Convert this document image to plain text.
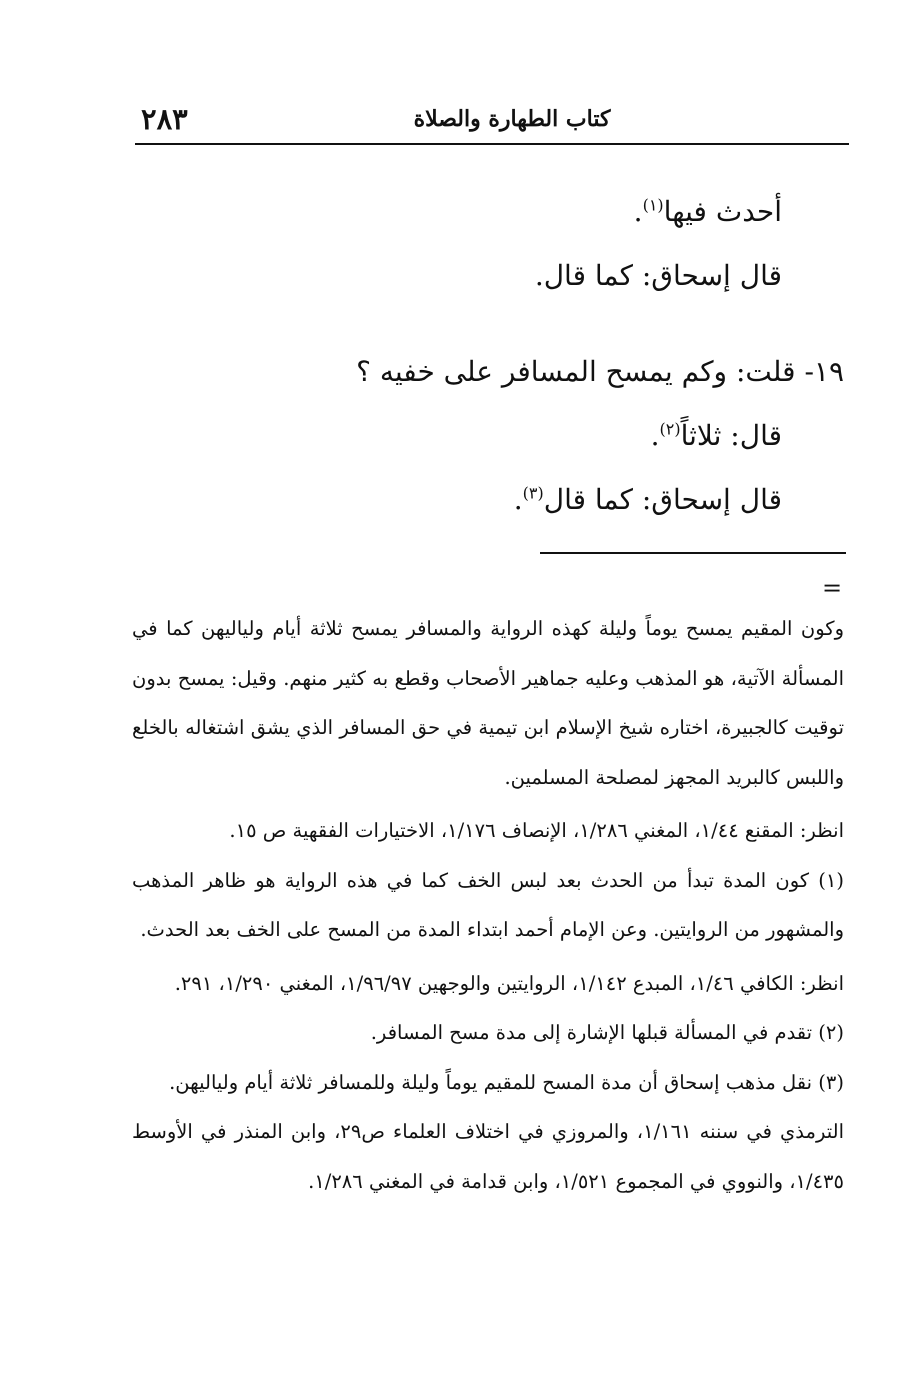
٢٨٣	كتاب الطهارة والصلاة

أحدث فيها$^{(١)}$.

قال إسحاق: كما قال.

١٩- قلت: وكم يمسح المسافر على خفيه ؟

قال: ثلاثاً$^{(٢)}$.

قال إسحاق: كما قال$^{(٣)}$.

=

وكون المقيم يمسح يوماً وليلة كهذه الرواية والمسافر يمسح ثلاثة أيام ولياليهن كما في المسألة الآتية، هو المذهب وعليه جماهير الأصحاب وقطع به كثير منهم. وقيل: يمسح بدون توقيت كالجبيرة، اختاره شيخ الإسلام ابن تيمية في حق المسافر الذي يشق اشتغاله بالخلع واللبس كالبريد المجهز لمصلحة المسلمين.

انظر: المقنع ١/٤٤، المغني ١/٢٨٦، الإنصاف ١/١٧٦، الاختيارات الفقهية ص ١٥.

(١) كون المدة تبدأ من الحدث بعد لبس الخف كما في هذه الرواية هو ظاهر المذهب والمشهور من الروايتين. وعن الإمام أحمد ابتداء المدة من المسح على الخف بعد الحدث.

انظر: الكافي ١/٤٦، المبدع ١/١٤٢، الروايتين والوجهين ١/٩٦/٩٧، المغني ١/٢٩٠، ٢٩١.

(٢) تقدم في المسألة قبلها الإشارة إلى مدة مسح المسافر.

(٣) نقل مذهب إسحاق أن مدة المسح للمقيم يوماً وليلة وللمسافر ثلاثة أيام ولياليهن.

الترمذي في سننه ١/١٦١، والمروزي في اختلاف العلماء ص٢٩، وابن المنذر في الأوسط ١/٤٣٥، والنووي في المجموع ١/٥٢١، وابن قدامة في المغني ١/٢٨٦.
